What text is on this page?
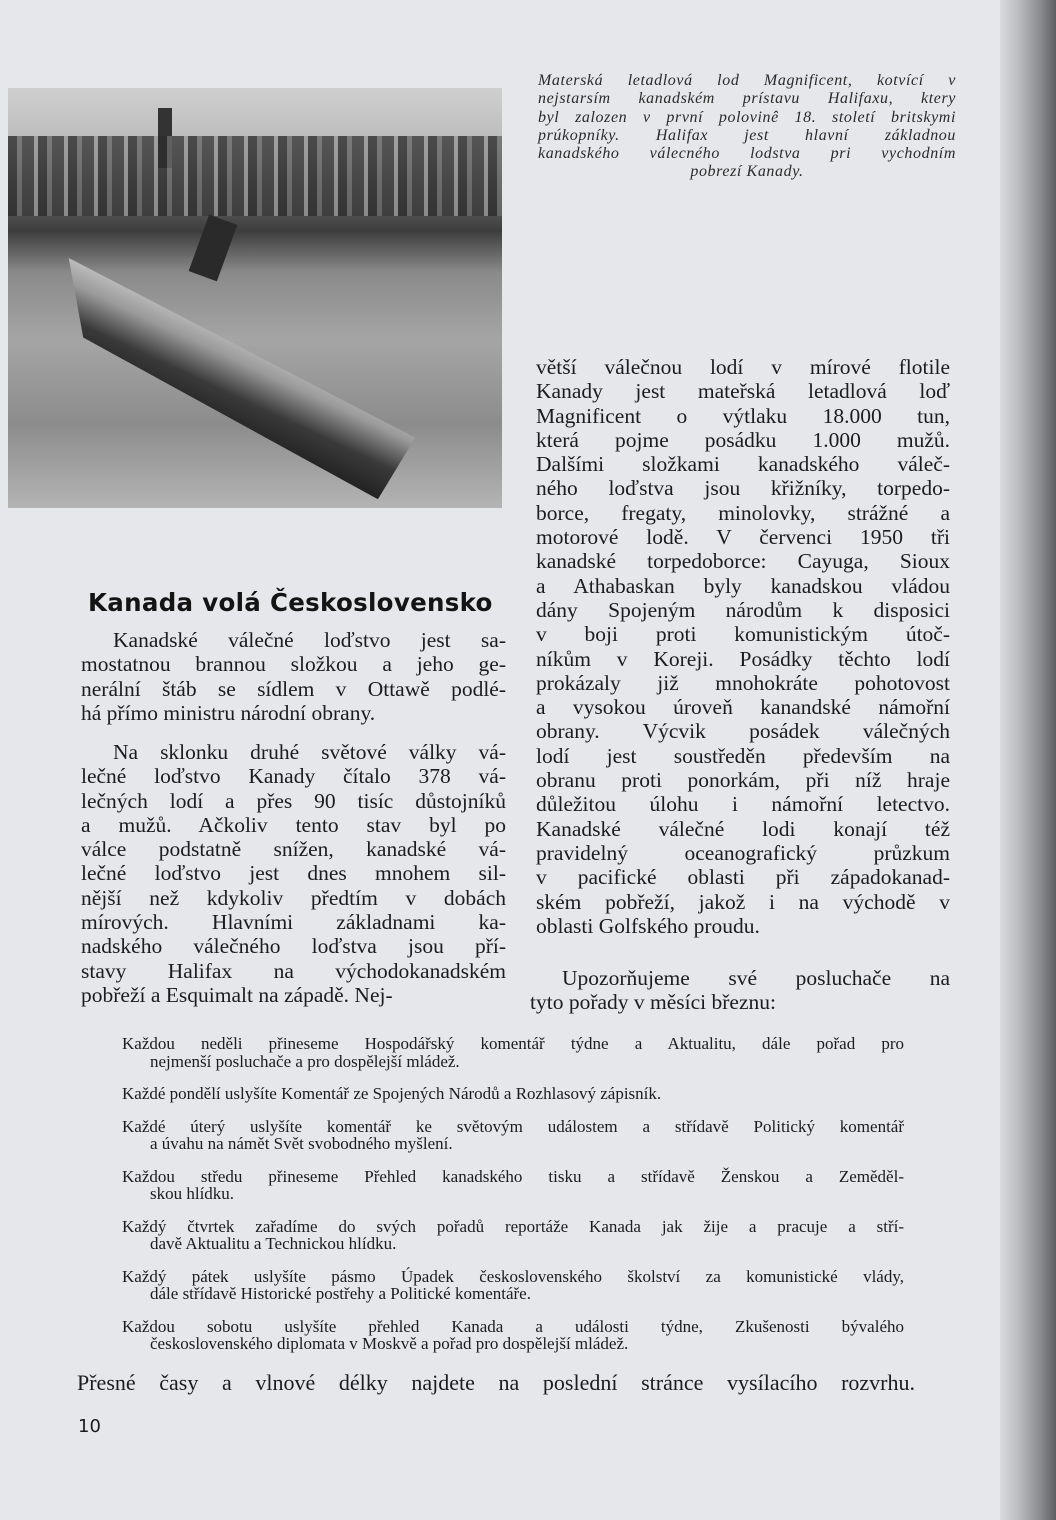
Materská letadlová lod Magnificent, kotvící v
nejstarsím kanadském prístavu Halifaxu, ktery
byl zalozen v první polovinê 18. století britskymi
prúkopníky. Halifax jest hlavní základnou
kanadského válecného lodstva pri vychodním
pobrezí Kanady.
Kanada volá Československo
Kanadské válečné loďstvo jest sa-
mostatnou brannou složkou a jeho ge-
nerální štáb se sídlem v Ottawě podlé-
há přímo ministru národní obrany.
Na sklonku druhé světové války vá-
lečné loďstvo Kanady čítalo 378 vá-
lečných lodí a přes 90 tisíc důstojníků
a mužů. Ačkoliv tento stav byl po
válce podstatně snížen, kanadské vá-
lečné loďstvo jest dnes mnohem sil-
nější než kdykoliv předtím v dobách
mírových. Hlavními základnami ka-
nadského válečného loďstva jsou pří-
stavy Halifax na východokanadském
pobřeží a Esquimalt na západě. Nej-
větší válečnou lodí v mírové flotile
Kanady jest mateřská letadlová loď
Magnificent o výtlaku 18.000 tun,
která pojme posádku 1.000 mužů.
Dalšími složkami kanadského váleč-
ného loďstva jsou křižníky, torpedo-
borce, fregaty, minolovky, strážné a
motorové lodě. V červenci 1950 tři
kanadské torpedoborce: Cayuga, Sioux
a Athabaskan byly kanadskou vládou
dány Spojeným národům k disposici
v boji proti komunistickým útoč-
níkům v Koreji. Posádky těchto lodí
prokázaly již mnohokráte pohotovost
a vysokou úroveň kanandské námořní
obrany. Výcvik posádek válečných
lodí jest soustředěn především na
obranu proti ponorkám, při níž hraje
důležitou úlohu i námořní letectvo.
Kanadské válečné lodi konají též
pravidelný oceanografický průzkum
v pacifické oblasti při západokanad-
ském pobřeží, jakož i na východě v
oblasti Golfského proudu.
Upozorňujeme své posluchače na
tyto pořady v měsíci březnu:
Každou neděli přineseme Hospodářský komentář týdne a Aktualitu, dále pořad pro
nejmenší posluchače a pro dospělejší mládež.
Každé pondělí uslyšíte Komentář ze Spojených Národů a Rozhlasový zápisník.
Každé úterý uslyšíte komentář ke světovým událostem a střídavě Politický komentář
a úvahu na námět Svět svobodného myšlení.
Každou středu přineseme Přehled kanadského tisku a střídavě Ženskou a Zeměděl-
skou hlídku.
Každý čtvrtek zařadíme do svých pořadů reportáže Kanada jak žije a pracuje a stří-
davě Aktualitu a Technickou hlídku.
Každý pátek uslyšíte pásmo Úpadek československého školství za komunistické vlády,
dále střídavě Historické postřehy a Politické komentáře.
Každou sobotu uslyšíte přehled Kanada a události týdne, Zkušenosti bývalého
československého diplomata v Moskvě a pořad pro dospělejší mládež.
Přesné časy a vlnové délky najdete na poslední stránce vysílacího rozvrhu.
10
